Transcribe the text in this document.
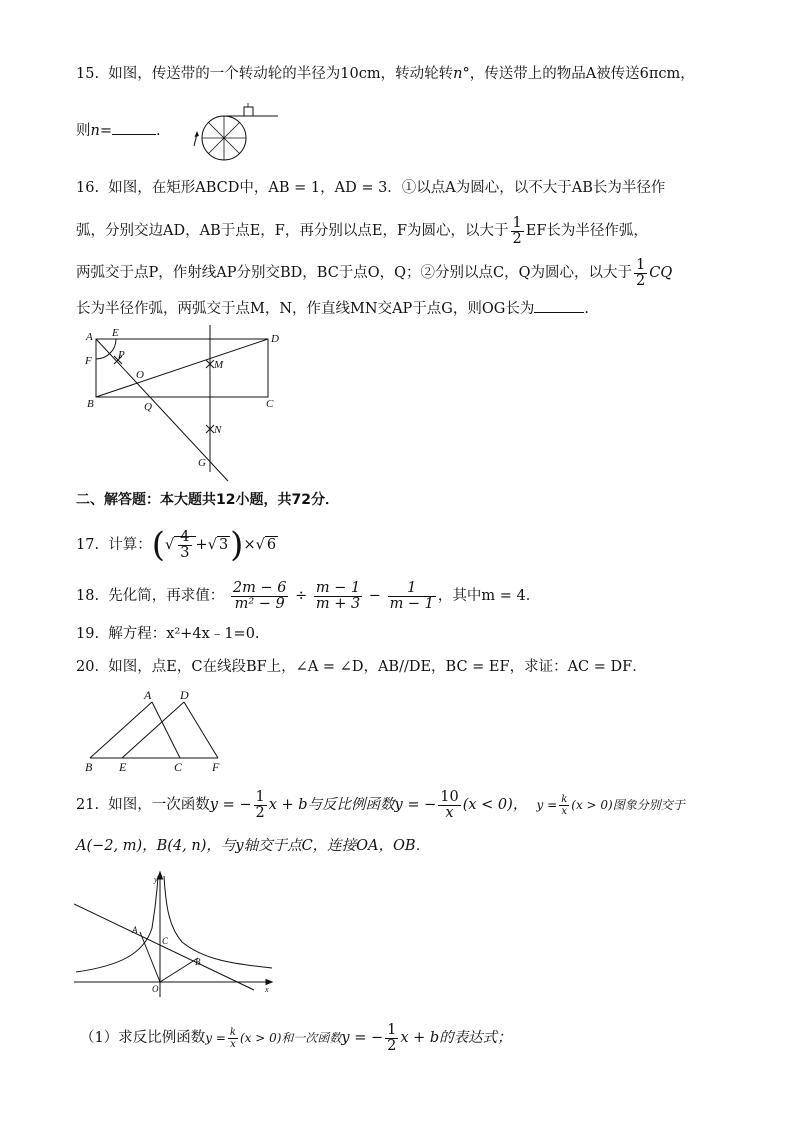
15. 如图，传送带的一个转动轮的半径为10cm，转动轮转n°，传送带上的物品A被传送6πcm，
则n=	.
16. 如图，在矩形ABCD中，AB = 1，AD = 3．①以点A为圆心，以不大于AB长为半径作
弧，分别交边AD，AB于点E，F，再分别以点E，F为圆心，以大于 $\frac{1}{2}$ EF长为半径作弧，
两弧交于点P，作射线AP分别交BD，BC于点O，Q；②分别以点C，Q为圆心，以大于 $\frac{1}{2}$ CQ
长为半径作弧，两弧交于点M，N，作直线MN交AP于点G，则OG长为	.
A E	D
F P
O
M
B	Q	C
N
G
二、解答题：本大题共12小题，共72分．
17. 计算：(√ $\frac{4}{3}$ +√ 3)×√ 6
18. 先化简，再求值： $\frac{2m - 6}{\text{m² − 9}} \div \frac{m - 1}{m + 3} - \frac{1}{m - 1}$ ，其中m = 4．
19. 解方程：x²+4x﹣1=0.
20. 如图，点E，C在线段BF上，∠A = ∠D，AB//DE，BC = EF，求证：AC = DF．
A D
B E	C F
21. 如图，一次函数y = − $\frac{1}{2}$ x + b与反比例函数y = − $\frac{10}{x} (x < 0)$， $y = \frac{k}{x} (x > 0)$图象分别交于
A(−2, m)，B(4, n)，与y轴交于点C，连接OA，OB．
y
A
C
B
O	x
（1）求反比例函数$y = \frac{k}{x} (x > 0)$和一次函数y = − $\frac{1}{2}$ x + b的表达式；
